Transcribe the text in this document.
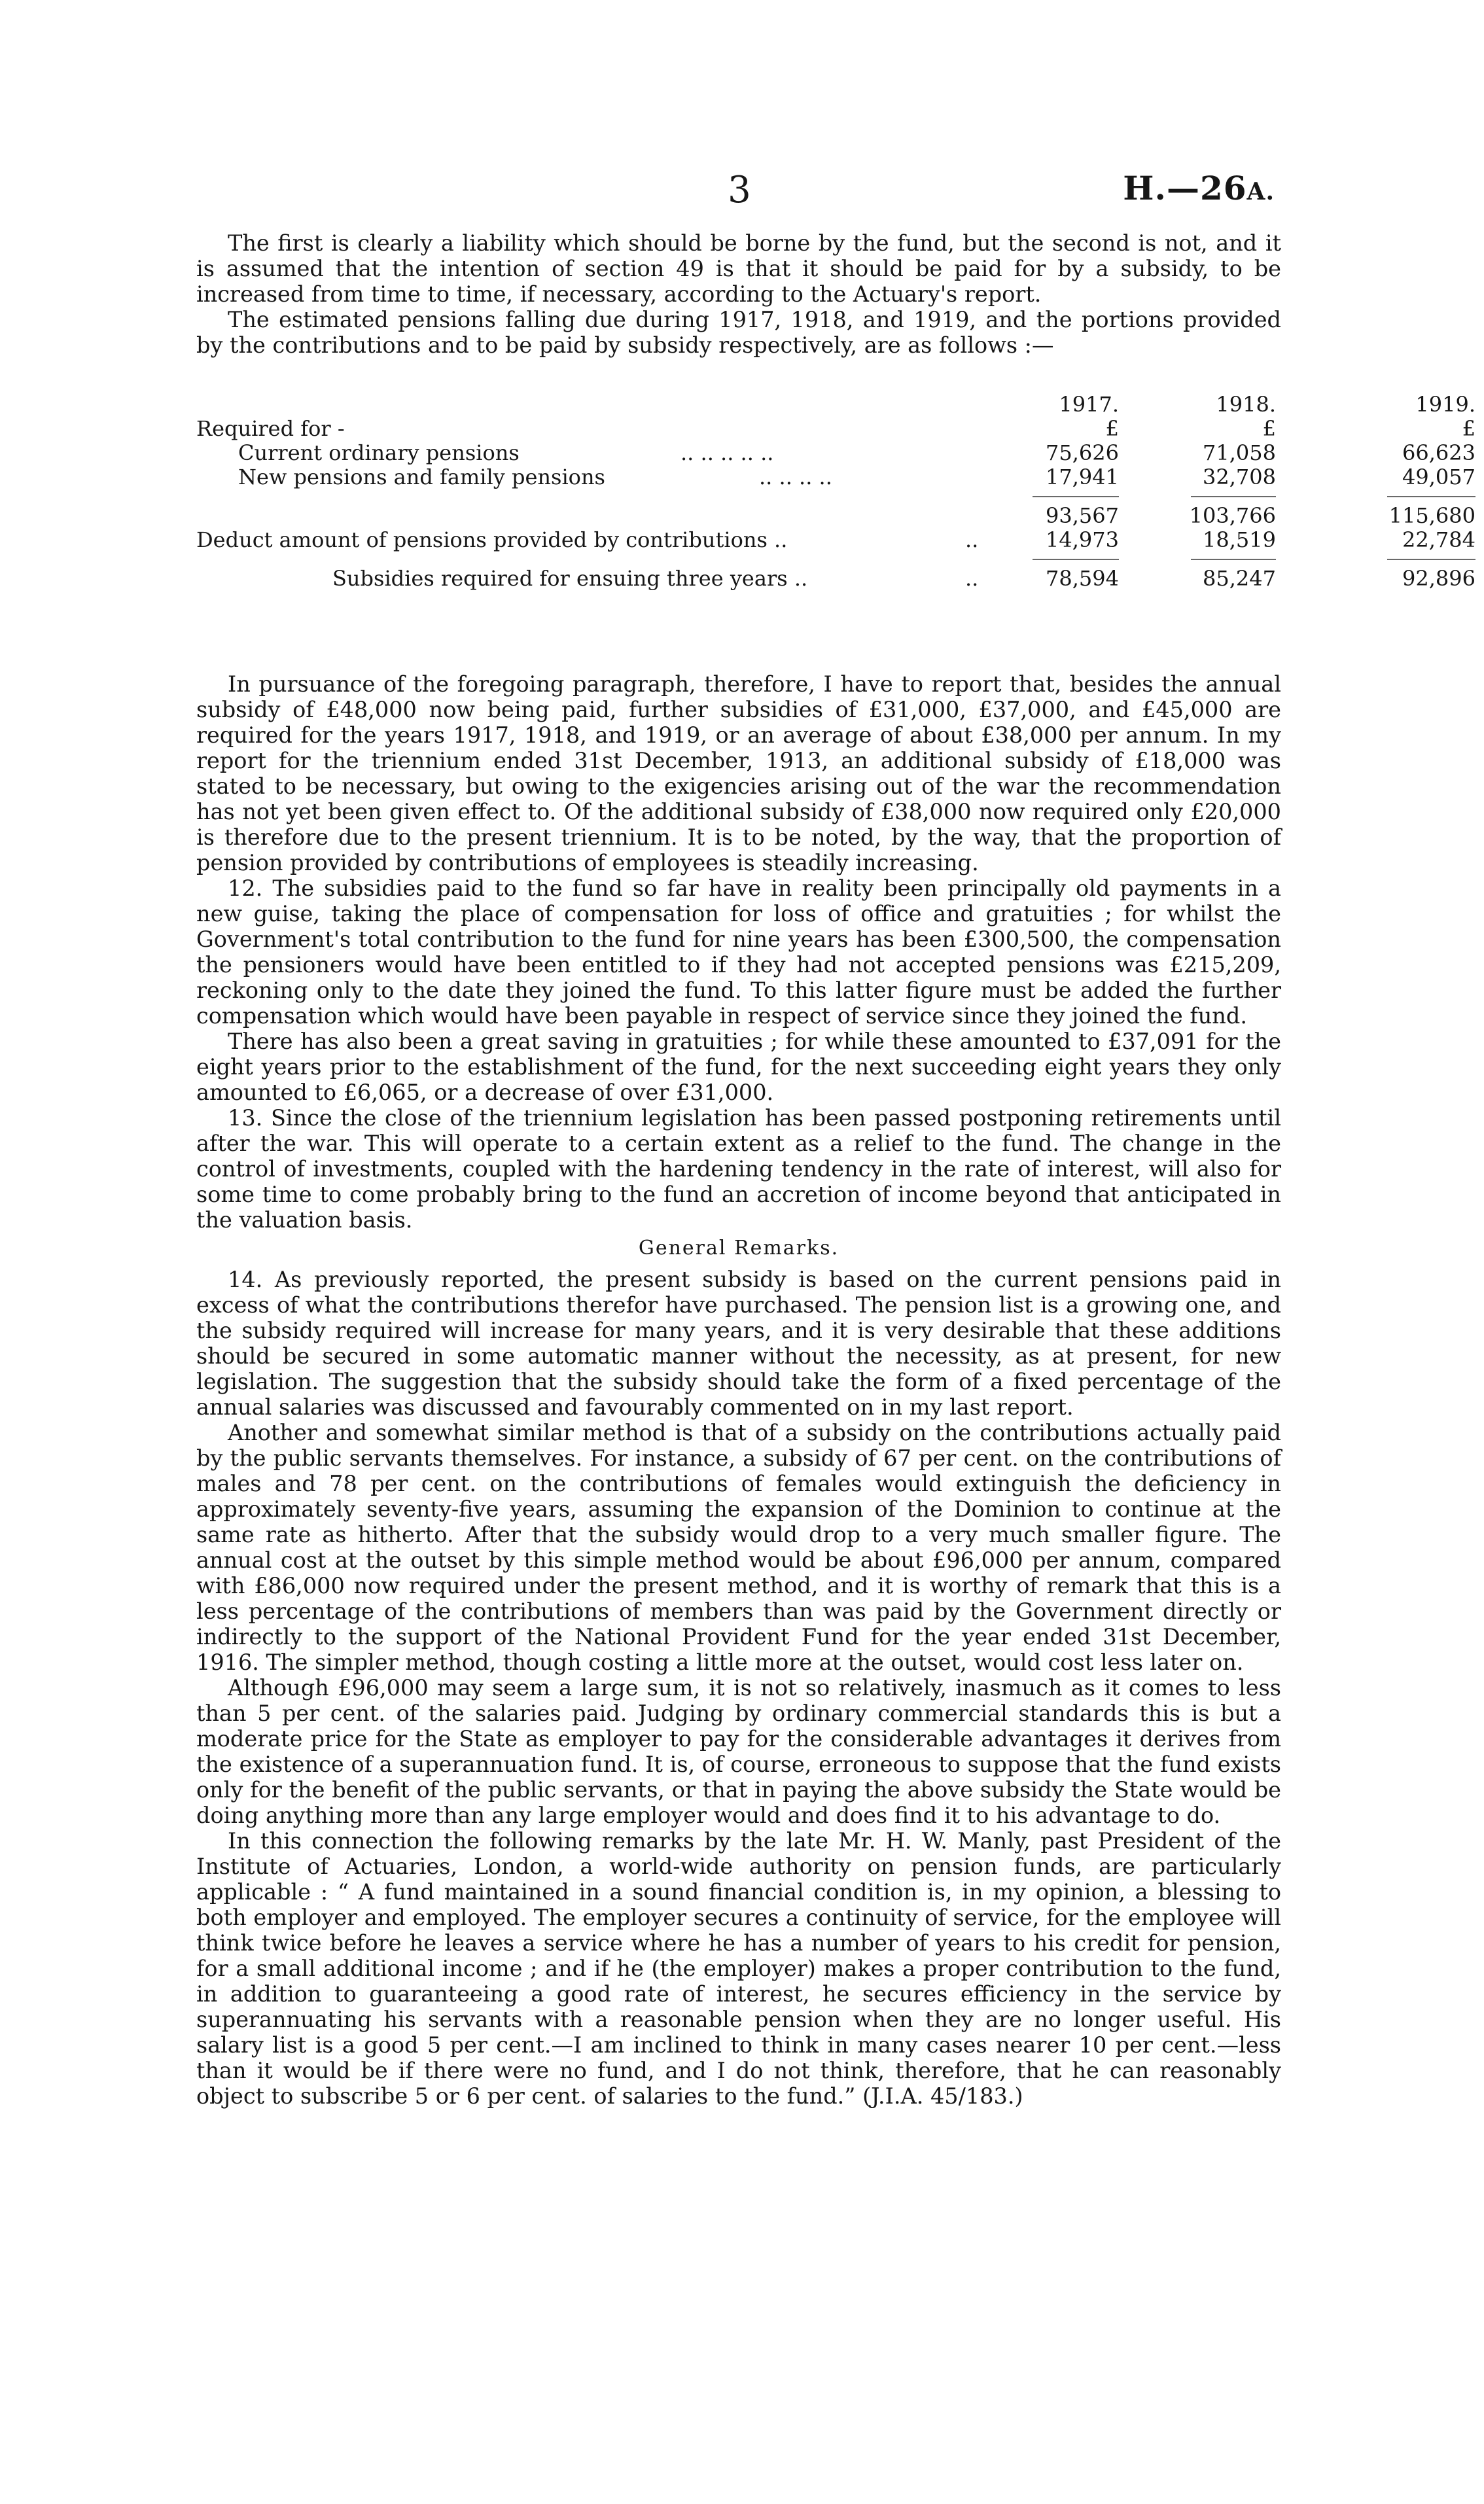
3	H.—26A.

The first is clearly a liability which should be borne by the fund, but the second is not, and it is assumed that the intention of section 49 is that it should be paid for by a subsidy, to be increased from time to time, if necessary, according to the Actuary's report.

The estimated pensions falling due during 1917, 1918, and 1919, and the portions provided by the contributions and to be paid by subsidy respectively, are as follows :—

1917.	1918.	1919.
Required for -	£	£	£
Current ordinary pensions	.. .. .. .. ..	75,626	71,058	66,623
New pensions and family pensions	.. .. .. ..	17,941	32,708	49,057
93,567	103,766	115,680
Deduct amount of pensions provided by contributions ..	..	14,973	18,519	22,784
Subsidies required for ensuing three years ..	..	78,594	85,247	92,896

In pursuance of the foregoing paragraph, therefore, I have to report that, besides the annual subsidy of £48,000 now being paid, further subsidies of £31,000, £37,000, and £45,000 are required for the years 1917, 1918, and 1919, or an average of about £38,000 per annum. In my report for the triennium ended 31st December, 1913, an additional subsidy of £18,000 was stated to be necessary, but owing to the exigencies arising out of the war the recommendation has not yet been given effect to. Of the additional subsidy of £38,000 now required only £20,000 is therefore due to the present triennium. It is to be noted, by the way, that the proportion of pension provided by contributions of employees is steadily increasing.

12. The subsidies paid to the fund so far have in reality been principally old payments in a new guise, taking the place of compensation for loss of office and gratuities ; for whilst the Government's total contribution to the fund for nine years has been £300,500, the compensation the pensioners would have been entitled to if they had not accepted pensions was £215,209, reckoning only to the date they joined the fund. To this latter figure must be added the further compensation which would have been payable in respect of service since they joined the fund.

There has also been a great saving in gratuities ; for while these amounted to £37,091 for the eight years prior to the establishment of the fund, for the next succeeding eight years they only amounted to £6,065, or a decrease of over £31,000.

13. Since the close of the triennium legislation has been passed postponing retirements until after the war. This will operate to a certain extent as a relief to the fund. The change in the control of investments, coupled with the hardening tendency in the rate of interest, will also for some time to come probably bring to the fund an accretion of income beyond that anticipated in the valuation basis.

General Remarks.

14. As previously reported, the present subsidy is based on the current pensions paid in excess of what the contributions therefor have purchased. The pension list is a growing one, and the subsidy required will increase for many years, and it is very desirable that these additions should be secured in some automatic manner without the necessity, as at present, for new legislation. The suggestion that the subsidy should take the form of a fixed percentage of the annual salaries was discussed and favourably commented on in my last report.

Another and somewhat similar method is that of a subsidy on the contributions actually paid by the public servants themselves. For instance, a subsidy of 67 per cent. on the contributions of males and 78 per cent. on the contributions of females would extinguish the deficiency in approximately seventy-five years, assuming the expansion of the Dominion to continue at the same rate as hitherto. After that the subsidy would drop to a very much smaller figure. The annual cost at the outset by this simple method would be about £96,000 per annum, compared with £86,000 now required under the present method, and it is worthy of remark that this is a less percentage of the contributions of members than was paid by the Government directly or indirectly to the support of the National Provident Fund for the year ended 31st December, 1916. The simpler method, though costing a little more at the outset, would cost less later on.

Although £96,000 may seem a large sum, it is not so relatively, inasmuch as it comes to less than 5 per cent. of the salaries paid. Judging by ordinary commercial standards this is but a moderate price for the State as employer to pay for the considerable advantages it derives from the existence of a superannuation fund. It is, of course, erroneous to suppose that the fund exists only for the benefit of the public servants, or that in paying the above subsidy the State would be doing anything more than any large employer would and does find it to his advantage to do.

In this connection the following remarks by the late Mr. H. W. Manly, past President of the Institute of Actuaries, London, a world-wide authority on pension funds, are particularly applicable : “ A fund maintained in a sound financial condition is, in my opinion, a blessing to both employer and employed. The employer secures a continuity of service, for the employee will think twice before he leaves a service where he has a number of years to his credit for pension, for a small additional income ; and if he (the employer) makes a proper contribution to the fund, in addition to guaranteeing a good rate of interest, he secures efficiency in the service by superannuating his servants with a reasonable pension when they are no longer useful. His salary list is a good 5 per cent.—I am inclined to think in many cases nearer 10 per cent.—less than it would be if there were no fund, and I do not think, therefore, that he can reasonably object to subscribe 5 or 6 per cent. of salaries to the fund.” (J.I.A. 45/183.)
